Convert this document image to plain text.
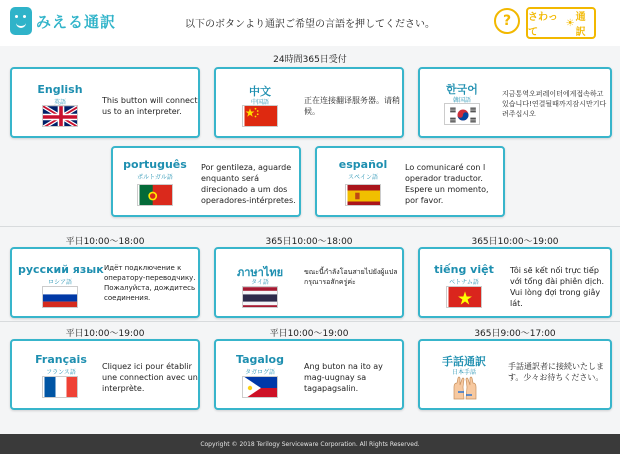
みえる通訳	以下のボタンより通訳ご希望の言語を押してください。	?	さわって
☀ 通訳
24時間365日受付
English
英語	This button will connect us to an interpreter.
中文
中国語	正在连接翻译服务器。请稍候。
한국어
韓国語
지금통역오퍼레이터에게접속하고있습니다!연결될때까지잠시만기다려주십시오
português
ポルトガル語
Por gentileza, aguarde enquanto será direcionado a um dos operadores-intérpretes.
español
スペイン語
Lo comunicaré con l operador traductor. Espere un momento, por favor.
平日10:00～18:00	365日10:00～18:00	365日10:00～19:00
русский язык
ロシア語
Идёт подключение к оператору-переводчику. Пожалуйста, дождитесь соединения.
ภาษาไทย
タイ語
ขณะนี้กำลังโอนสายไปยังผู้แปลกรุณารอสักครู่ค่ะ
tiếng việt
ベトナム語
Tôi sẽ kết nối trực tiếp với tổng đài phiên dịch. Vui lòng đợi trong giây lát.
平日10:00～19:00	平日10:00～19:00	365日9:00～17:00
Français
フランス語
Cliquez ici pour établir une connection avec un interprète.
Tagalog
タガログ語
Ang buton na ito ay mag-uugnay sa tagapagsalin.
手話通訳
日本手話
手話通訳者に接続いたします。少々お待ちください。
Copyright © 2018 Terilogy Serviceware Corporation. All Rights Reserved.
